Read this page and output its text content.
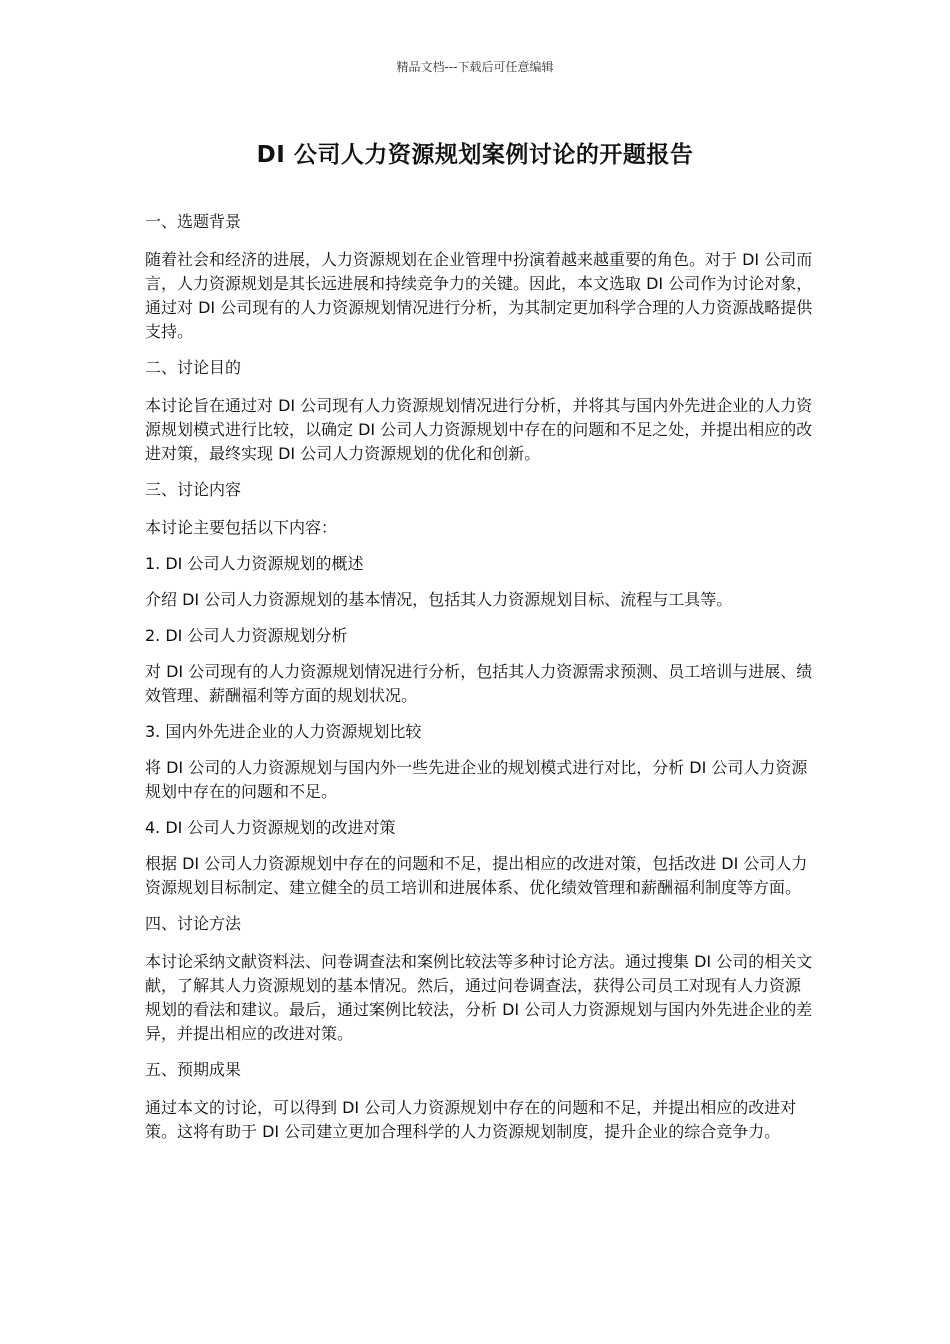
精品文档---下载后可任意编辑
DI 公司人力资源规划案例讨论的开题报告

一、选题背景

随着社会和经济的进展，人力资源规划在企业管理中扮演着越来越重要的角色。对于 DI 公司而言，人力资源规划是其长远进展和持续竞争力的关键。因此，本文选取 DI 公司作为讨论对象，通过对 DI 公司现有的人力资源规划情况进行分析，为其制定更加科学合理的人力资源战略提供支持。

二、讨论目的

本讨论旨在通过对 DI 公司现有人力资源规划情况进行分析，并将其与国内外先进企业的人力资源规划模式进行比较，以确定 DI 公司人力资源规划中存在的问题和不足之处，并提出相应的改进对策，最终实现 DI 公司人力资源规划的优化和创新。

三、讨论内容

本讨论主要包括以下内容：

1. DI 公司人力资源规划的概述

介绍 DI 公司人力资源规划的基本情况，包括其人力资源规划目标、流程与工具等。

2. DI 公司人力资源规划分析

对 DI 公司现有的人力资源规划情况进行分析，包括其人力资源需求预测、员工培训与进展、绩效管理、薪酬福利等方面的规划状况。

3. 国内外先进企业的人力资源规划比较

将 DI 公司的人力资源规划与国内外一些先进企业的规划模式进行对比，分析 DI 公司人力资源规划中存在的问题和不足。

4. DI 公司人力资源规划的改进对策

根据 DI 公司人力资源规划中存在的问题和不足，提出相应的改进对策，包括改进 DI 公司人力资源规划目标制定、建立健全的员工培训和进展体系、优化绩效管理和薪酬福利制度等方面。

四、讨论方法

本讨论采纳文献资料法、问卷调查法和案例比较法等多种讨论方法。通过搜集 DI 公司的相关文献，了解其人力资源规划的基本情况。然后，通过问卷调查法，获得公司员工对现有人力资源规划的看法和建议。最后，通过案例比较法，分析 DI 公司人力资源规划与国内外先进企业的差异，并提出相应的改进对策。

五、预期成果

通过本文的讨论，可以得到 DI 公司人力资源规划中存在的问题和不足，并提出相应的改进对策。这将有助于 DI 公司建立更加合理科学的人力资源规划制度，提升企业的综合竞争力。
